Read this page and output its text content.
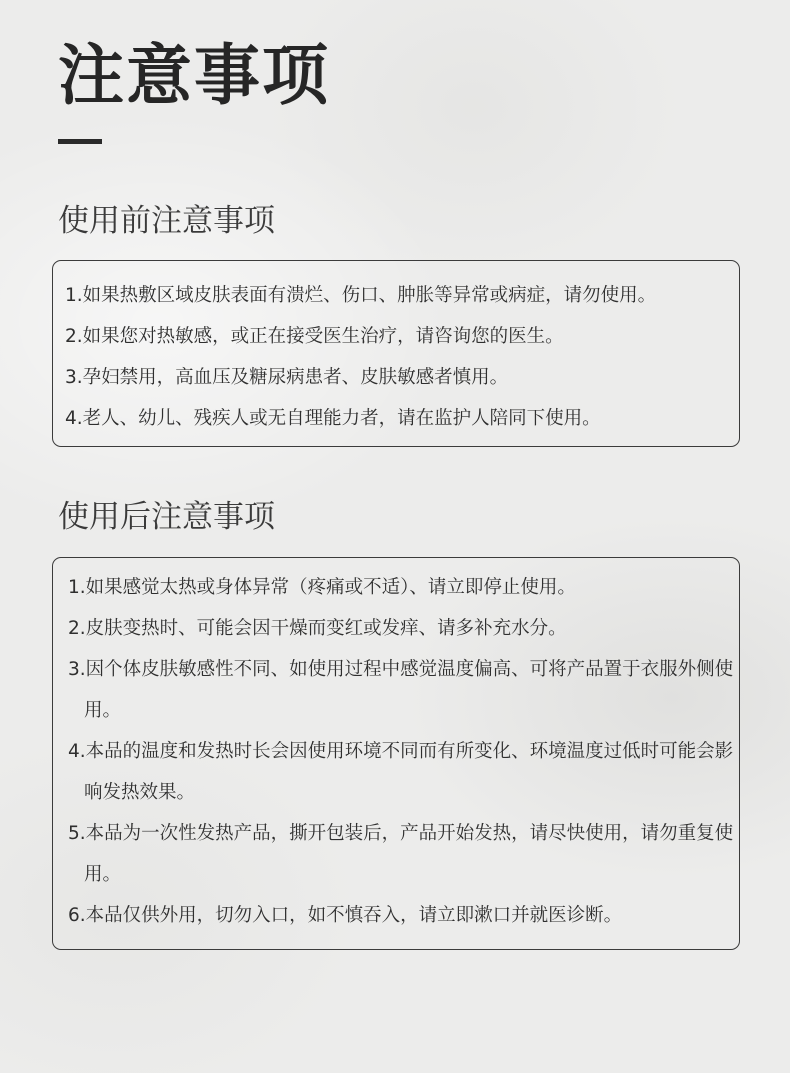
注意事项
使用前注意事项
1.如果热敷区域皮肤表面有溃烂、伤口、肿胀等异常或病症，请勿使用。
2.如果您对热敏感，或正在接受医生治疗，请咨询您的医生。
3.孕妇禁用，高血压及糖尿病患者、皮肤敏感者慎用。
4.老人、幼儿、残疾人或无自理能力者，请在监护人陪同下使用。
使用后注意事项
1.如果感觉太热或身体异常（疼痛或不适）、请立即停止使用。
2.皮肤变热时、可能会因干燥而变红或发痒、请多补充水分。
3.因个体皮肤敏感性不同、如使用过程中感觉温度偏高、可将产品置于衣服外侧使用。
4.本品的温度和发热时长会因使用环境不同而有所变化、环境温度过低时可能会影响发热效果。
5.本品为一次性发热产品，撕开包装后，产品开始发热，请尽快使用，请勿重复使用。
6.本品仅供外用，切勿入口，如不慎吞入，请立即漱口并就医诊断。
